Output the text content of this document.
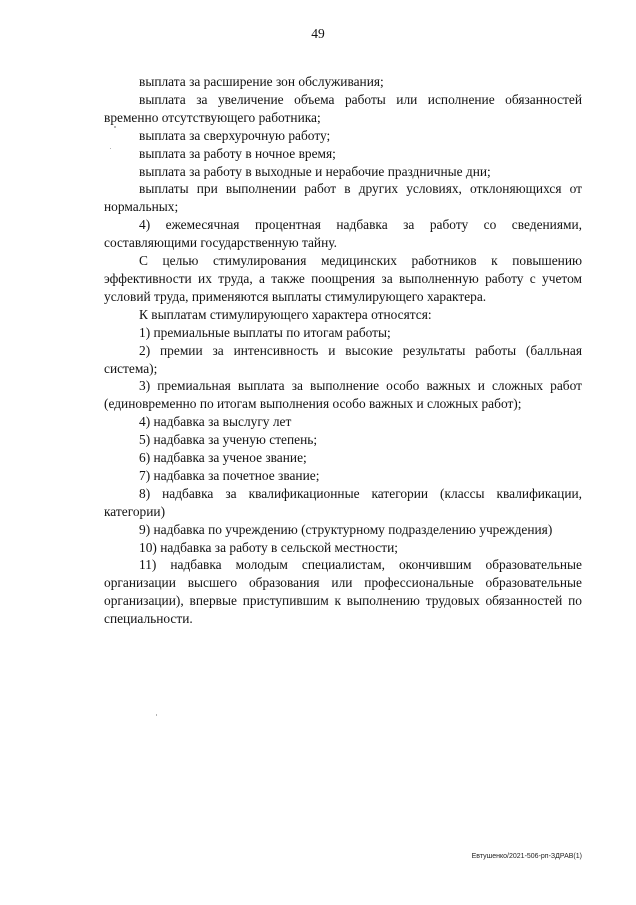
49

выплата за расширение зон обслуживания;

выплата за увеличение объема работы или исполнение обязанностей временно отсутствующего работника;

выплата за сверхурочную работу;

выплата за работу в ночное время;

выплата за работу в выходные и нерабочие праздничные дни;

выплаты при выполнении работ в других условиях, отклоняющихся от нормальных;

4) ежемесячная процентная надбавка за работу со сведениями, составляющими государственную тайну.

С целью стимулирования медицинских работников к повышению эффективности их труда, а также поощрения за выполненную работу с учетом условий труда, применяются выплаты стимулирующего характера.

К выплатам стимулирующего характера относятся:

1) премиальные выплаты по итогам работы;

2) премии за интенсивность и высокие результаты работы (балльная система);

3) премиальная выплата за выполнение особо важных и сложных работ (единовременно по итогам выполнения особо важных и сложных работ);

4) надбавка за выслугу лет

5) надбавка за ученую степень;

6) надбавка за ученое звание;

7) надбавка за почетное звание;

8) надбавка за квалификационные категории (классы квалификации, категории)

9) надбавка по учреждению (структурному подразделению учреждения)

10) надбавка за работу в сельской местности;

11) надбавка молодым специалистам, окончившим образовательные организации высшего образования или профессиональные образовательные организации), впервые приступившим к выполнению трудовых обязанностей по специальности.

Евтушенко/2021-506-рп-ЗДРАВ(1)
